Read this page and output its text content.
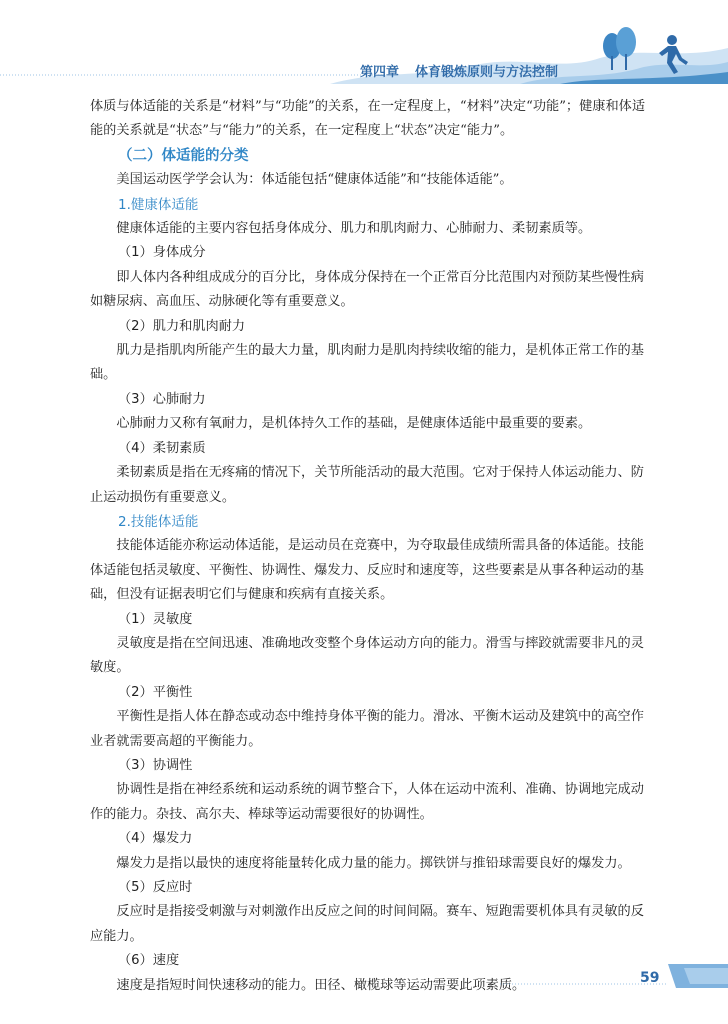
第四章 体育锻炼原则与方法控制

体质与体适能的关系是“材料”与“功能”的关系，在一定程度上，“材料”决定“功能”；健康和体适能的关系就是“状态”与“能力”的关系，在一定程度上“状态”决定“能力”。

（二）体适能的分类

美国运动医学学会认为：体适能包括“健康体适能”和“技能体适能”。

1.健康体适能

健康体适能的主要内容包括身体成分、肌力和肌肉耐力、心肺耐力、柔韧素质等。

（1）身体成分

即人体内各种组成成分的百分比，身体成分保持在一个正常百分比范围内对预防某些慢性病如糖尿病、高血压、动脉硬化等有重要意义。

（2）肌力和肌肉耐力

肌力是指肌肉所能产生的最大力量，肌肉耐力是肌肉持续收缩的能力，是机体正常工作的基础。

（3）心肺耐力

心肺耐力又称有氧耐力，是机体持久工作的基础，是健康体适能中最重要的要素。

（4）柔韧素质

柔韧素质是指在无疼痛的情况下，关节所能活动的最大范围。它对于保持人体运动能力、防止运动损伤有重要意义。

2.技能体适能

技能体适能亦称运动体适能，是运动员在竞赛中，为夺取最佳成绩所需具备的体适能。技能体适能包括灵敏度、平衡性、协调性、爆发力、反应时和速度等，这些要素是从事各种运动的基础，但没有证据表明它们与健康和疾病有直接关系。

（1）灵敏度

灵敏度是指在空间迅速、准确地改变整个身体运动方向的能力。滑雪与摔跤就需要非凡的灵敏度。

（2）平衡性

平衡性是指人体在静态或动态中维持身体平衡的能力。滑冰、平衡木运动及建筑中的高空作业者就需要高超的平衡能力。

（3）协调性

协调性是指在神经系统和运动系统的调节整合下，人体在运动中流利、准确、协调地完成动作的能力。杂技、高尔夫、棒球等运动需要很好的协调性。

（4）爆发力

爆发力是指以最快的速度将能量转化成力量的能力。掷铁饼与推铅球需要良好的爆发力。

（5）反应时

反应时是指接受刺激与对刺激作出反应之间的时间间隔。赛车、短跑需要机体具有灵敏的反应能力。

（6）速度

速度是指短时间快速移动的能力。田径、橄榄球等运动需要此项素质。	59
